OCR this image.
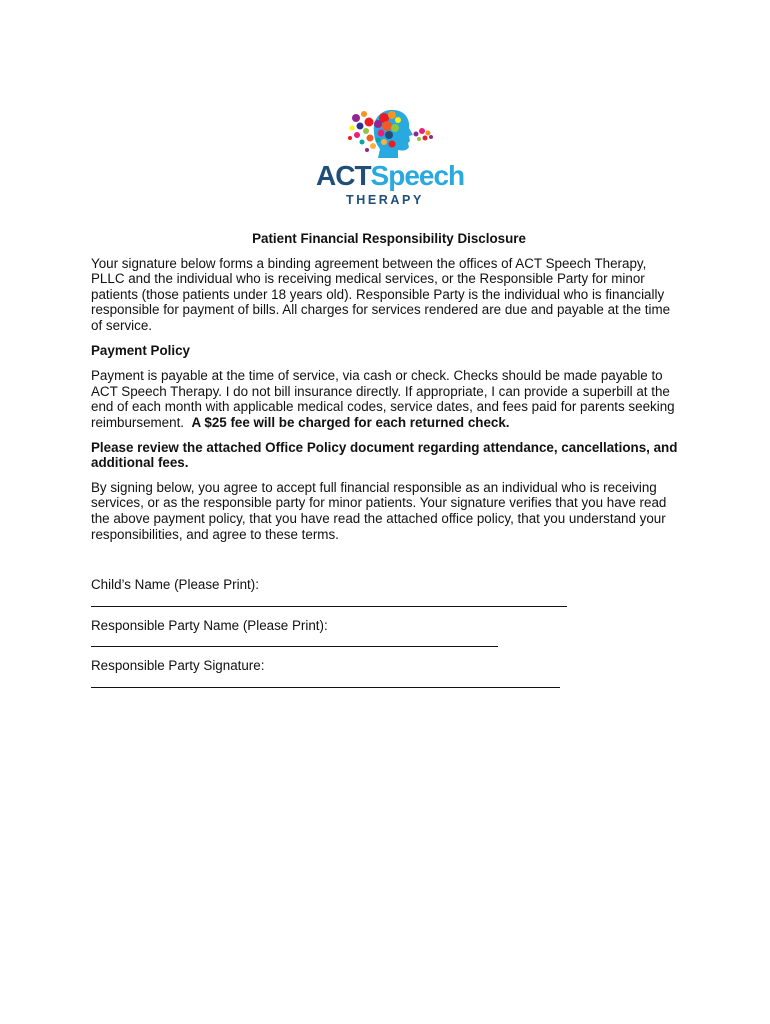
ACTSpeech
THERAPY
Patient Financial Responsibility Disclosure

Your signature below forms a binding agreement between the offices of ACT Speech Therapy, PLLC and the individual who is receiving medical services, or the Responsible Party for minor patients (those patients under 18 years old). Responsible Party is the individual who is financially responsible for payment of bills. All charges for services rendered are due and payable at the time of service.

Payment Policy

Payment is payable at the time of service, via cash or check. Checks should be made payable to ACT Speech Therapy. I do not bill insurance directly. If appropriate, I can provide a superbill at the end of each month with applicable medical codes, service dates, and fees paid for parents seeking reimbursement. A $25 fee will be charged for each returned check.

Please review the attached Office Policy document regarding attendance, cancellations, and additional fees.

By signing below, you agree to accept full financial responsible as an individual who is receiving services, or as the responsible party for minor patients. Your signature verifies that you have read the above payment policy, that you have read the attached office policy, that you understand your responsibilities, and agree to these terms.

Child’s Name (Please Print):
Responsible Party Name (Please Print):
Responsible Party Signature:
